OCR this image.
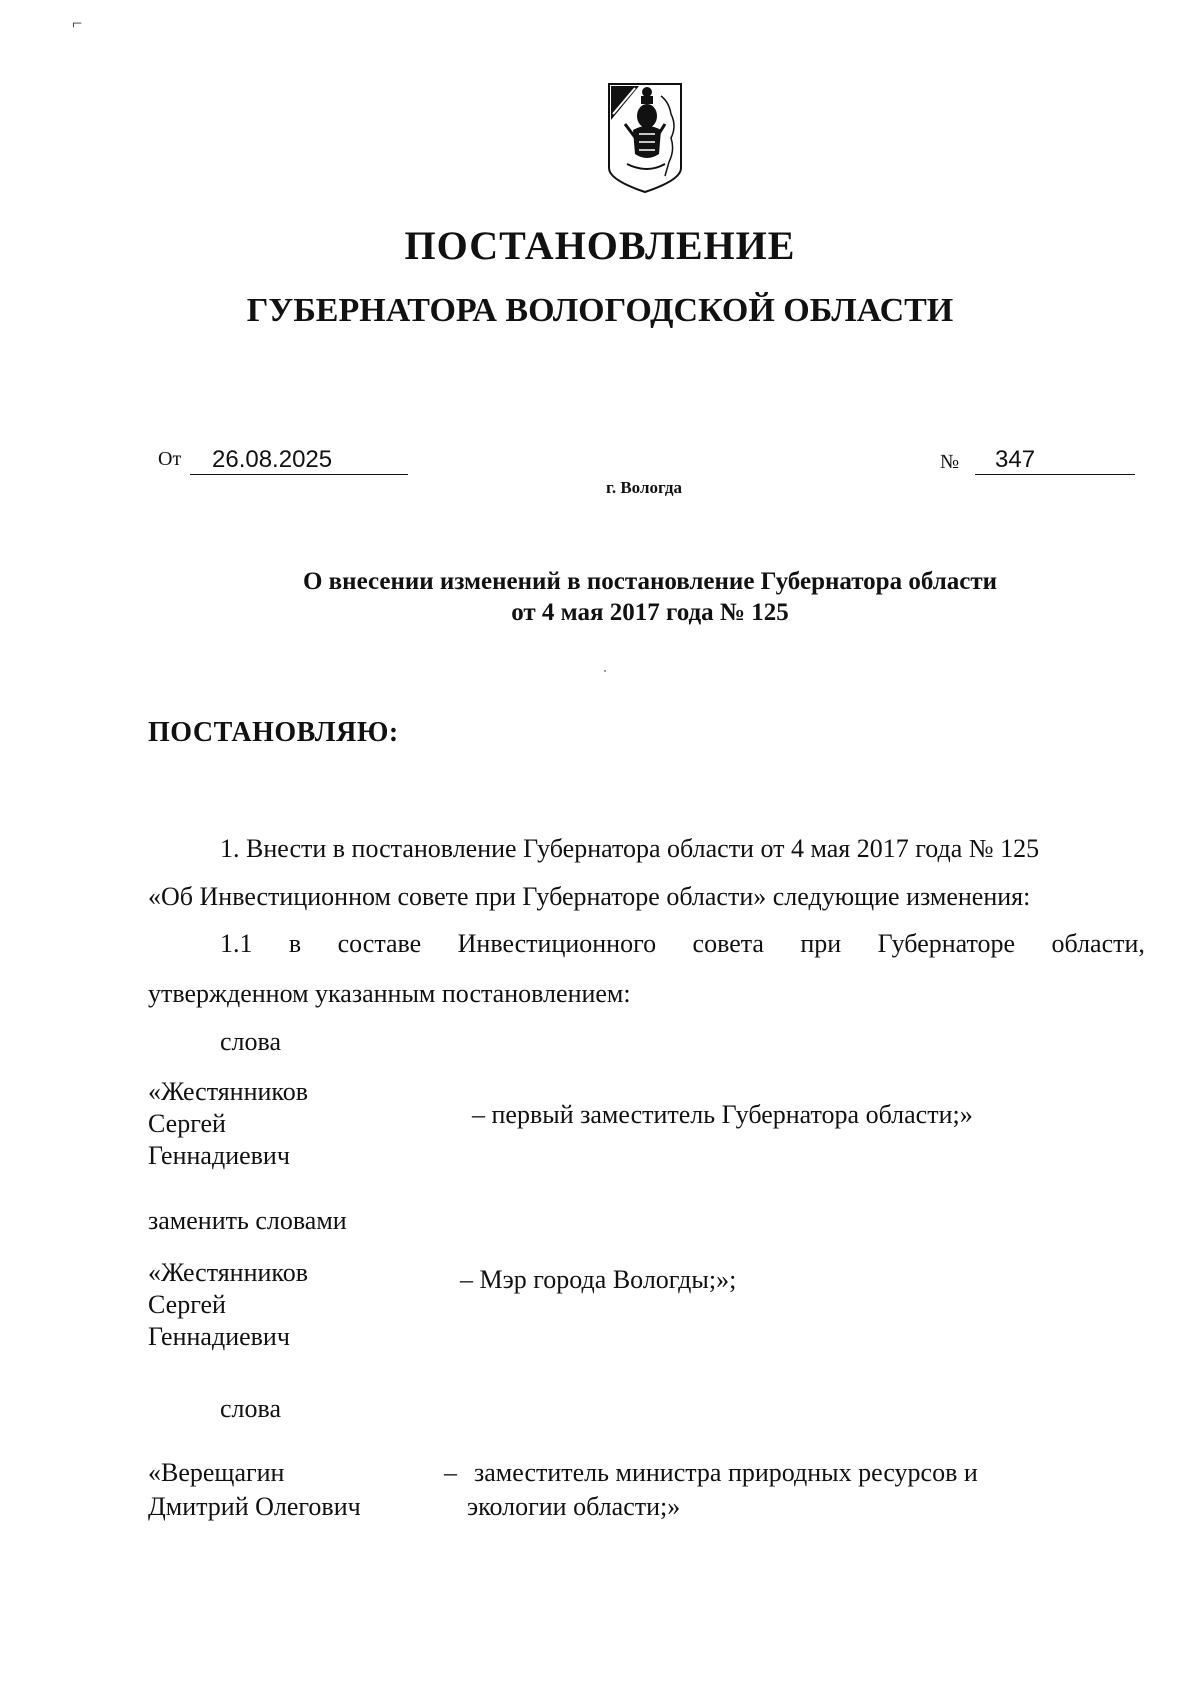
⌐
ПОСТАНОВЛЕНИЕ
ГУБЕРНАТОРА ВОЛОГОДСКОЙ ОБЛАСТИ
От	26.08.2025	№	347
г. Вологда
О внесении изменений в постановление Губернатора области
от 4 мая 2017 года № 125
ПОСТАНОВЛЯЮ:
1. Внести в постановление Губернатора области от 4 мая 2017 года № 125
«Об Инвестиционном совете при Губернаторе области» следующие изменения:
1.1 в составе Инвестиционного совета при Губернаторе области,
утвержденном указанным постановлением:
слова
«Жестянников
Сергей
Геннадиевич
– первый заместитель Губернатора области;»
заменить словами
«Жестянников
Сергей
Геннадиевич
– Мэр города Вологды;»;
слова
«Верещагин
Дмитрий Олегович
– заместитель министра природных ресурсов и
экологии области;»
